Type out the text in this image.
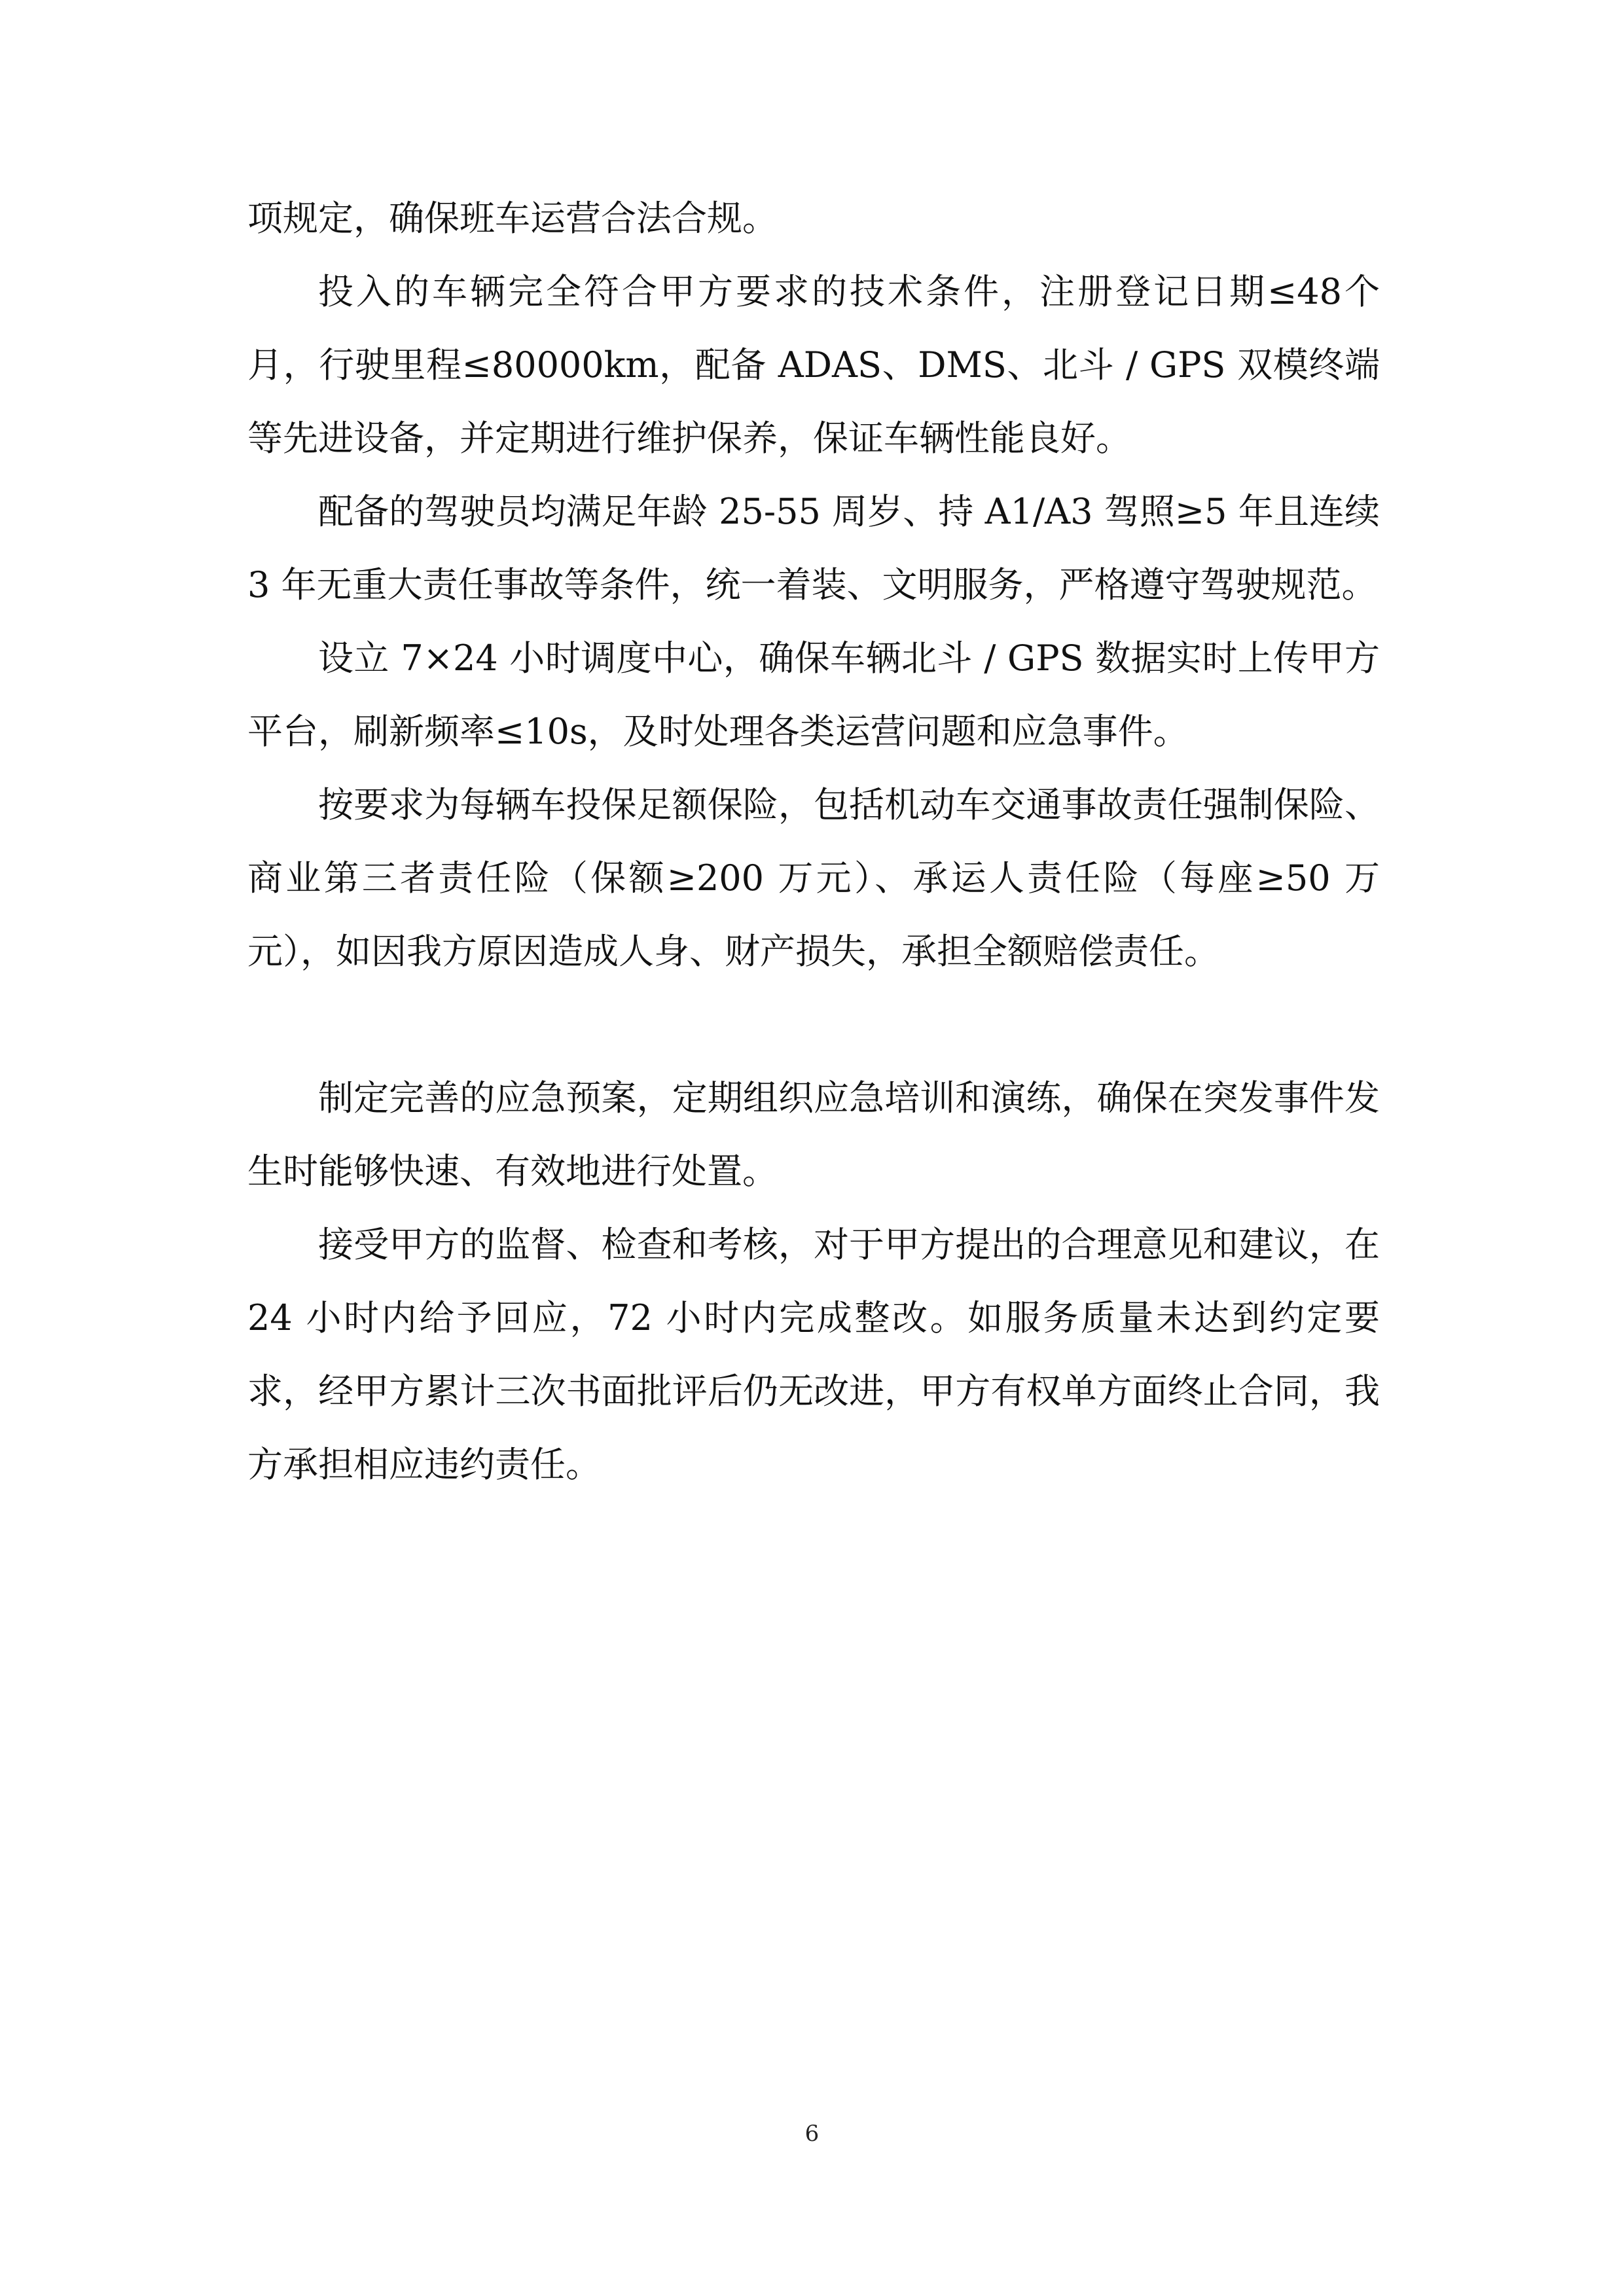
项规定，确保班车运营合法合规。

投入的车辆完全符合甲方要求的技术条件，注册登记日期≤48个月，行驶里程≤80000km，配备 ADAS、DMS、北斗 / GPS 双模终端等先进设备，并定期进行维护保养，保证车辆性能良好。

配备的驾驶员均满足年龄 25-55 周岁、持 A1/A3 驾照≥5 年且连续 3 年无重大责任事故等条件，统一着装、文明服务，严格遵守驾驶规范。

设立 7×24 小时调度中心，确保车辆北斗 / GPS 数据实时上传甲方平台，刷新频率≤10s，及时处理各类运营问题和应急事件。

按要求为每辆车投保足额保险，包括机动车交通事故责任强制保险、商业第三者责任险（保额≥200 万元）、承运人责任险（每座≥50 万元），如因我方原因造成人身、财产损失，承担全额赔偿责任。

制定完善的应急预案，定期组织应急培训和演练，确保在突发事件发生时能够快速、有效地进行处置。

接受甲方的监督、检查和考核，对于甲方提出的合理意见和建议，在 24 小时内给予回应，72 小时内完成整改。如服务质量未达到约定要求，经甲方累计三次书面批评后仍无改进，甲方有权单方面终止合同，我方承担相应违约责任。

6
